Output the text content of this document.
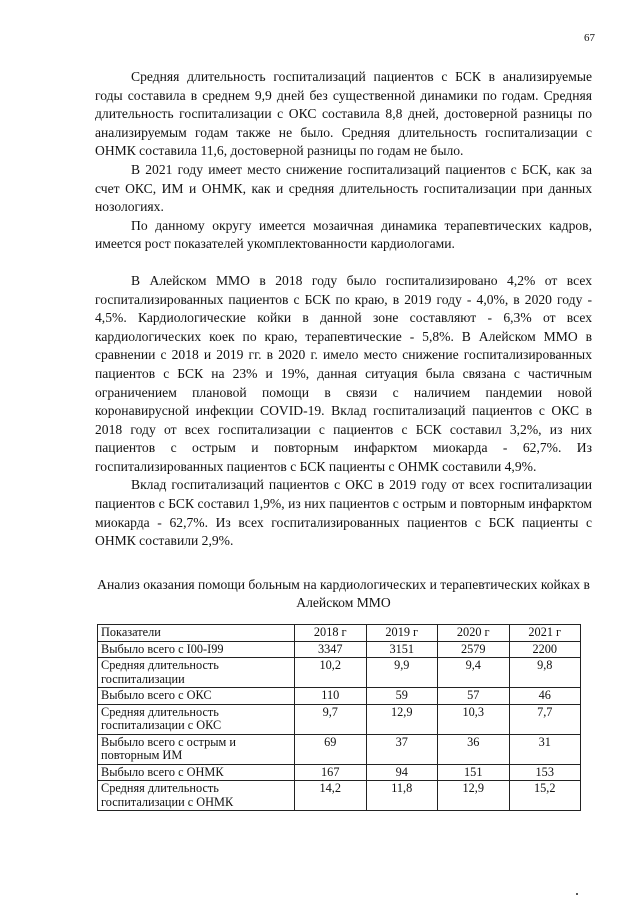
67

Средняя длительность госпитализаций пациентов с БСК в анализируемые годы составила в среднем 9,9 дней без существенной динамики по годам. Средняя длительность госпитализации с ОКС составила 8,8 дней, достоверной разницы по анализируемым годам также не было. Средняя длительность госпитализации с ОНМК составила 11,6, достоверной разницы по годам не было.

В 2021 году имеет место снижение госпитализаций пациентов с БСК, как за счет ОКС, ИМ и ОНМК, как и средняя длительность госпитализации при данных нозологиях.

По данному округу имеется мозаичная динамика терапевтических кадров, имеется рост показателей укомплектованности кардиологами.

В Алейском ММО в 2018 году было госпитализировано 4,2% от всех госпитализированных пациентов с БСК по краю, в 2019 году - 4,0%, в 2020 году - 4,5%. Кардиологические койки в данной зоне составляют - 6,3% от всех кардиологических коек по краю, терапевтические - 5,8%. В Алейском ММО в сравнении с 2018 и 2019 гг. в 2020 г. имело место снижение госпитализированных пациентов с БСК на 23% и 19%, данная ситуация была связана с частичным ограничением плановой помощи в связи с наличием пандемии новой коронавирусной инфекции COVID-19. Вклад госпитализаций пациентов с ОКС в 2018 году от всех госпитализации с пациентов с БСК составил 3,2%, из них пациентов с острым и повторным инфарктом миокарда - 62,7%. Из госпитализированных пациентов с БСК пациенты с ОНМК составили 4,9%.

Вклад госпитализаций пациентов с ОКС в 2019 году от всех госпитализации пациентов с БСК составил 1,9%, из них пациентов с острым и повторным инфарктом миокарда - 62,7%. Из всех госпитализированных пациентов с БСК пациенты с ОНМК составили 2,9%.

Анализ оказания помощи больным на кардиологических и терапевтических койках в Алейском ММО
Показатели	2018 г	2019 г	2020 г	2021 г
Выбыло всего с I00-I99	3347	3151	2579	2200
Средняя длительность госпитализации	10,2	9,9	9,4	9,8
Выбыло всего с ОКС	110	59	57	46
Средняя длительность госпитализации с ОКС	9,7	12,9	10,3	7,7
Выбыло всего с острым и повторным ИМ	69	37	36	31
Выбыло всего с ОНМК	167	94	151	153
Средняя длительность госпитализации с ОНМК	14,2	11,8	12,9	15,2
